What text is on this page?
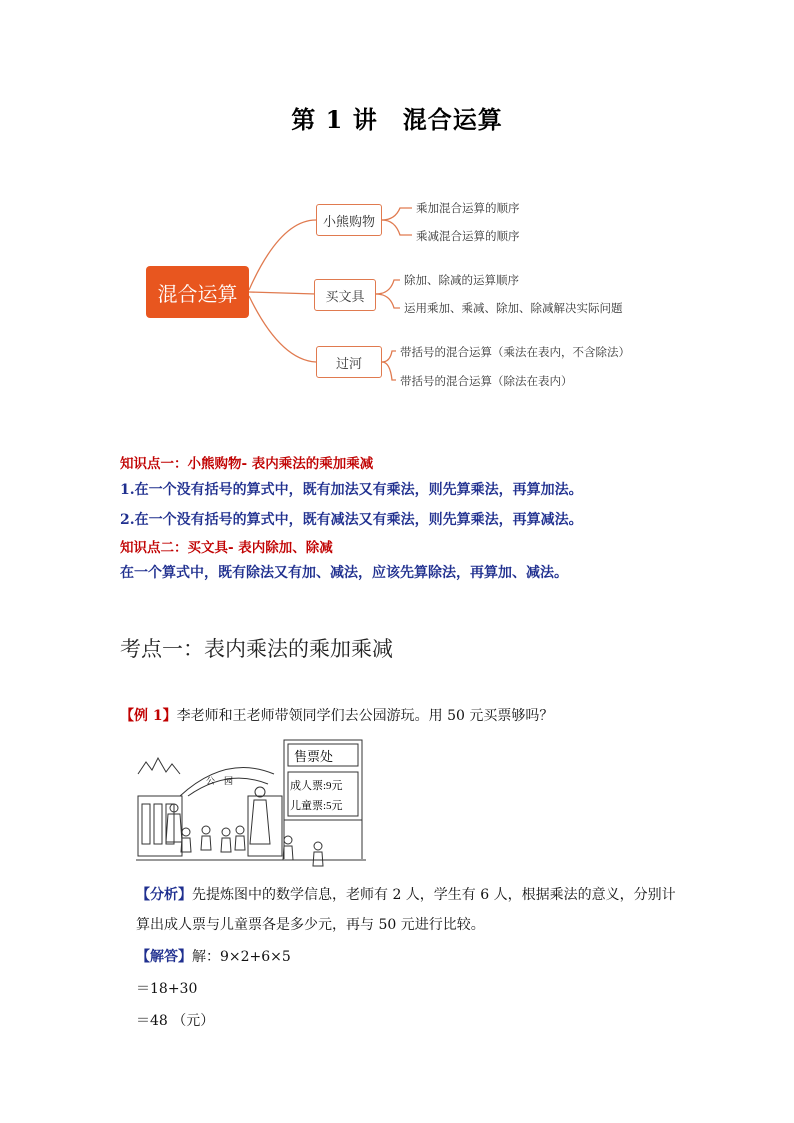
第 1 讲　混合运算
混合运算
小熊购物
买文具
过河
乘加混合运算的顺序
乘减混合运算的顺序
除加、除减的运算顺序
运用乘加、乘减、除加、除减解决实际问题
带括号的混合运算（乘法在表内，不含除法）
带括号的混合运算（除法在表内）
知识点一：小熊购物- 表内乘法的乘加乘减
1.在一个没有括号的算式中，既有加法又有乘法，则先算乘法，再算加法。
2.在一个没有括号的算式中，既有减法又有乘法，则先算乘法，再算减法。
知识点二：买文具- 表内除加、除减
在一个算式中，既有除法又有加、减法，应该先算除法，再算加、减法。
考点一：表内乘法的乘加乘减
【例 1】李老师和王老师带领同学们去公园游玩。用 50 元买票够吗？
公　园
售票处
成人票:9元
儿童票:5元
【分析】先提炼图中的数学信息，老师有 2 人，学生有 6 人，根据乘法的意义，分别计
算出成人票与儿童票各是多少元，再与 50 元进行比较。
【解答】解：9×2+6×5
＝18+30
＝48 （元）
